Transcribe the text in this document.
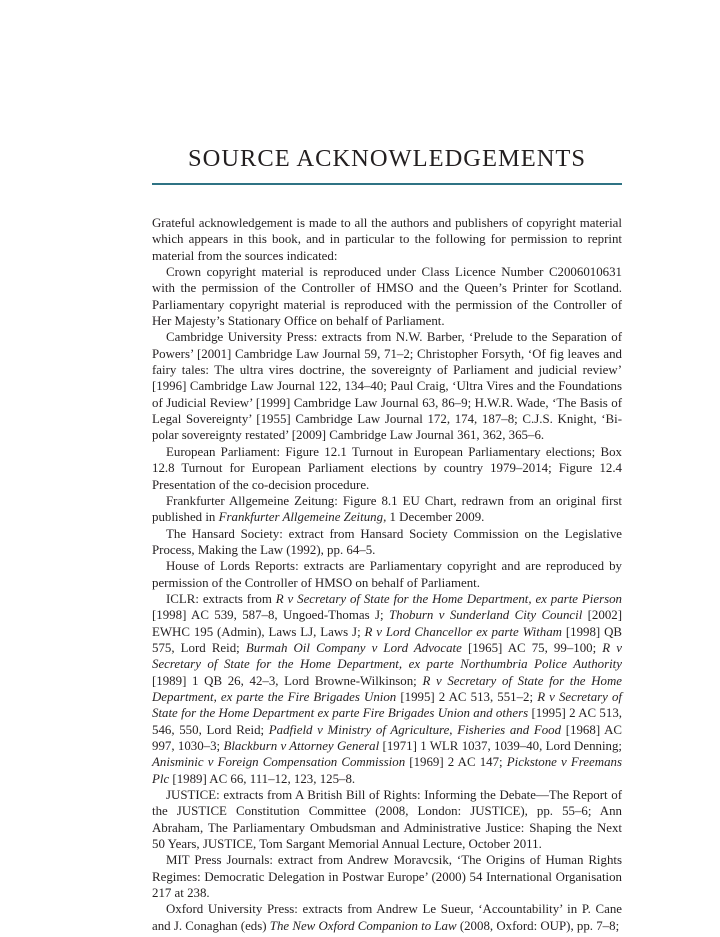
SOURCE ACKNOWLEDGEMENTS

Grateful acknowledgement is made to all the authors and publishers of copyright material which appears in this book, and in particular to the following for permission to reprint material from the sources indicated:

Crown copyright material is reproduced under Class Licence Number C2006010631 with the permission of the Controller of HMSO and the Queen’s Printer for Scotland. Parliamentary copyright material is reproduced with the permission of the Controller of Her Majesty’s Stationary Office on behalf of Parliament.

Cambridge University Press: extracts from N.W. Barber, ‘Prelude to the Separation of Powers’ [2001] Cambridge Law Journal 59, 71–2; Christopher Forsyth, ‘Of fig leaves and fairy tales: The ultra vires doctrine, the sovereignty of Parliament and judicial review’ [1996] Cambridge Law Journal 122, 134–40; Paul Craig, ‘Ultra Vires and the Foundations of Judicial Review’ [1999] Cambridge Law Journal 63, 86–9; H.W.R. Wade, ‘The Basis of Legal Sovereignty’ [1955] Cambridge Law Journal 172, 174, 187–8; C.J.S. Knight, ‘Bi-polar sovereignty restated’ [2009] Cambridge Law Journal 361, 362, 365–6.

European Parliament: Figure 12.1 Turnout in European Parliamentary elections; Box 12.8 Turnout for European Parliament elections by country 1979–2014; Figure 12.4 Presentation of the co-decision procedure.

Frankfurter Allgemeine Zeitung: Figure 8.1 EU Chart, redrawn from an original first published in Frankfurter Allgemeine Zeitung, 1 December 2009.

The Hansard Society: extract from Hansard Society Commission on the Legislative Process, Making the Law (1992), pp. 64–5.

House of Lords Reports: extracts are Parliamentary copyright and are reproduced by permission of the Controller of HMSO on behalf of Parliament.

ICLR: extracts from R v Secretary of State for the Home Department, ex parte Pierson [1998] AC 539, 587–8, Ungoed-Thomas J; Thoburn v Sunderland City Council [2002] EWHC 195 (Admin), Laws LJ, Laws J; R v Lord Chancellor ex parte Witham [1998] QB 575, Lord Reid; Burmah Oil Company v Lord Advocate [1965] AC 75, 99–100; R v Secretary of State for the Home Department, ex parte Northumbria Police Authority [1989] 1 QB 26, 42–3, Lord Browne-Wilkinson; R v Secretary of State for the Home Department, ex parte the Fire Brigades Union [1995] 2 AC 513, 551–2; R v Secretary of State for the Home Department ex parte Fire Brigades Union and others [1995] 2 AC 513, 546, 550, Lord Reid; Padfield v Ministry of Agriculture, Fisheries and Food [1968] AC 997, 1030–3; Blackburn v Attorney General [1971] 1 WLR 1037, 1039–40, Lord Denning; Anisminic v Foreign Compensation Commission [1969] 2 AC 147; Pickstone v Freemans Plc [1989] AC 66, 111–12, 123, 125–8.

JUSTICE: extracts from A British Bill of Rights: Informing the Debate—The Report of the JUSTICE Constitution Committee (2008, London: JUSTICE), pp. 55–6; Ann Abraham, The Parliamentary Ombudsman and Administrative Justice: Shaping the Next 50 Years, JUSTICE, Tom Sargant Memorial Annual Lecture, October 2011.

MIT Press Journals: extract from Andrew Moravcsik, ‘The Origins of Human Rights Regimes: Democratic Delegation in Postwar Europe’ (2000) 54 International Organisation 217 at 238.

Oxford University Press: extracts from Andrew Le Sueur, ‘Accountability’ in P. Cane and J. Conaghan (eds) The New Oxford Companion to Law (2008, Oxford: OUP), pp. 7–8;
